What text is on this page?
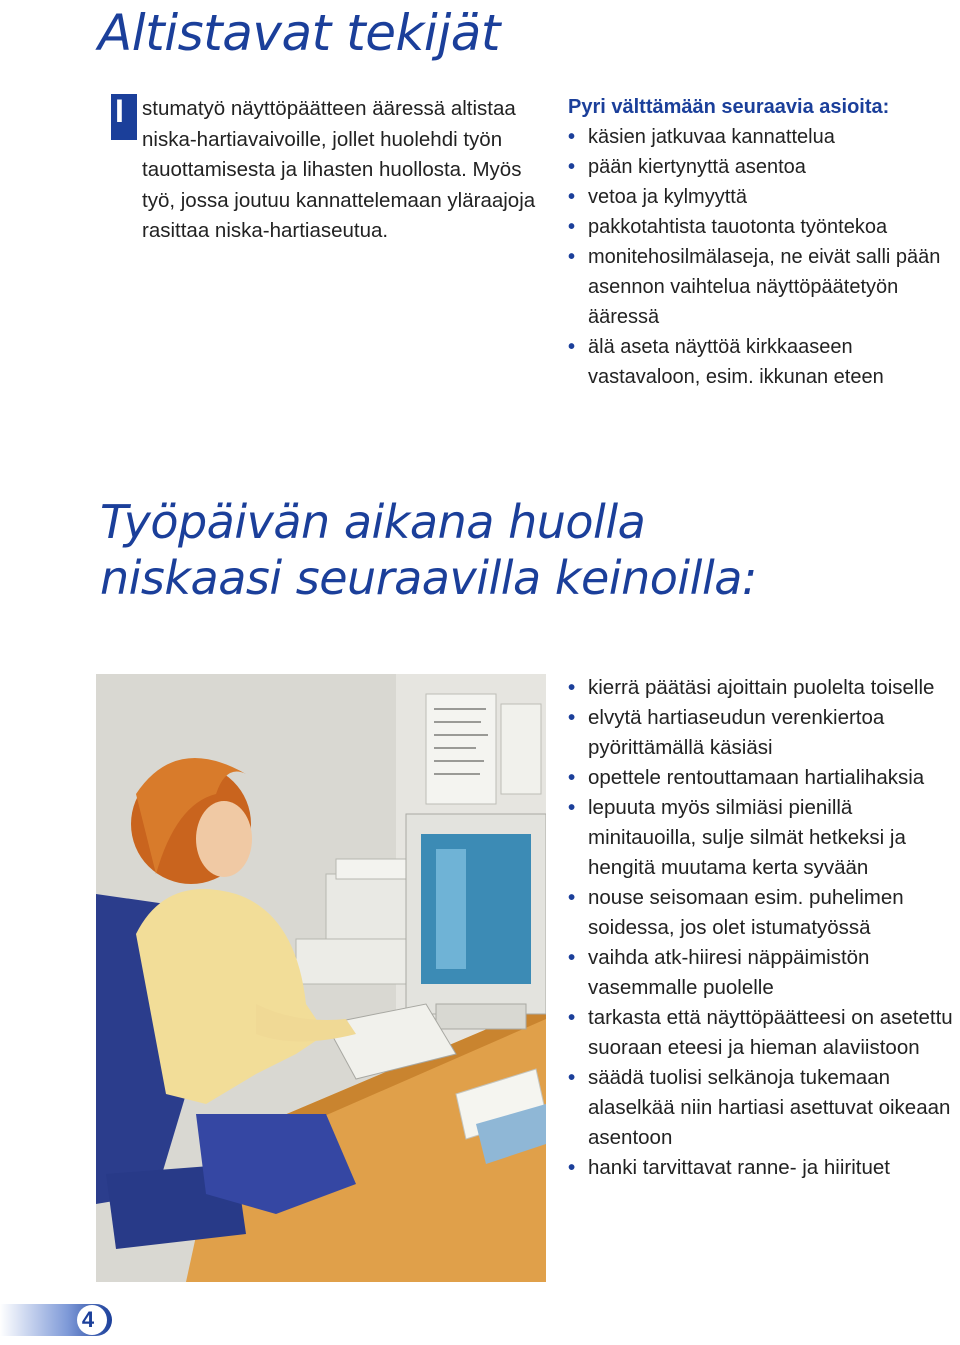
Altistavat tekijät

I stumatyö näyttöpäätteen ääressä altistaa niska-hartiavaivoille, jollet huolehdi työn tauottamisesta ja lihasten huollosta. Myös työ, jossa joutuu kannattelemaan yläraajoja rasittaa niska-hartiaseutua.

Pyri välttämään seuraavia asioita:
• käsien jatkuvaa kannattelua
• pään kiertynyttä asentoa
• vetoa ja kylmyyttä
• pakkotahtista tauotonta työntekoa
• monitehosilmälaseja, ne eivät salli pään asennon vaihtelua näyttöpäätetyön ääressä
• älä aseta näyttöä kirkkaaseen vastavaloon, esim. ikkunan eteen
Työpäivän aikana huolla
niskaasi seuraavilla keinoilla:
• kierrä päätäsi ajoittain puolelta toiselle
• elvytä hartiaseudun verenkiertoa pyörittämällä käsiäsi
• opettele rentouttamaan hartialihaksia
• lepuuta myös silmiäsi pienillä minitauoilla, sulje silmät hetkeksi ja hengitä muutama kerta syvään
• nouse seisomaan esim. puhelimen soidessa, jos olet istumatyössä
• vaihda atk-hiiresi näppäimistön vasemmalle puolelle
• tarkasta että näyttöpäätteesi on asetettu suoraan eteesi ja hieman alaviistoon
• säädä tuolisi selkänoja tukemaan alaselkää niin hartiasi asettuvat oikeaan asentoon
• hanki tarvittavat ranne- ja hiirituet
4
